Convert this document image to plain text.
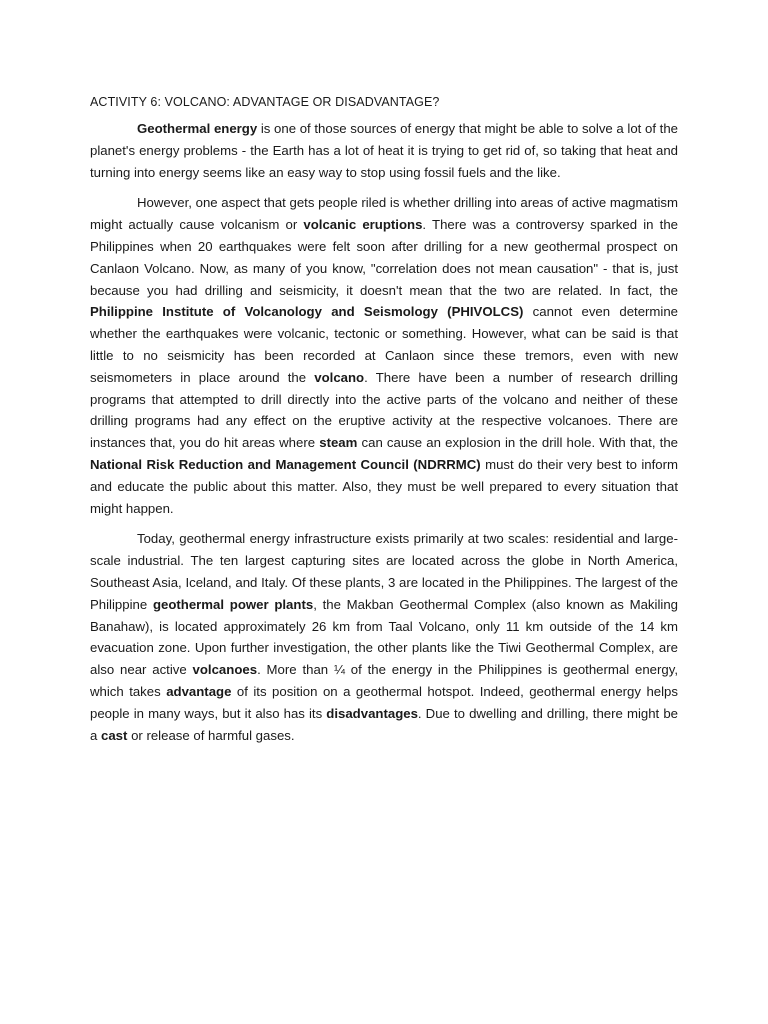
ACTIVITY 6: VOLCANO: ADVANTAGE OR DISADVANTAGE?

Geothermal energy is one of those sources of energy that might be able to solve a lot of the planet's energy problems - the Earth has a lot of heat it is trying to get rid of, so taking that heat and turning into energy seems like an easy way to stop using fossil fuels and the like.

However, one aspect that gets people riled is whether drilling into areas of active magmatism might actually cause volcanism or volcanic eruptions. There was a controversy sparked in the Philippines when 20 earthquakes were felt soon after drilling for a new geothermal prospect on Canlaon Volcano. Now, as many of you know, "correlation does not mean causation" - that is, just because you had drilling and seismicity, it doesn't mean that the two are related. In fact, the Philippine Institute of Volcanology and Seismology (PHIVOLCS) cannot even determine whether the earthquakes were volcanic, tectonic or something. However, what can be said is that little to no seismicity has been recorded at Canlaon since these tremors, even with new seismometers in place around the volcano. There have been a number of research drilling programs that attempted to drill directly into the active parts of the volcano and neither of these drilling programs had any effect on the eruptive activity at the respective volcanoes. There are instances that, you do hit areas where steam can cause an explosion in the drill hole. With that, the National Risk Reduction and Management Council (NDRRMC) must do their very best to inform and educate the public about this matter. Also, they must be well prepared to every situation that might happen.

Today, geothermal energy infrastructure exists primarily at two scales: residential and large-scale industrial. The ten largest capturing sites are located across the globe in North America, Southeast Asia, Iceland, and Italy. Of these plants, 3 are located in the Philippines. The largest of the Philippine geothermal power plants, the Makban Geothermal Complex (also known as Makiling Banahaw), is located approximately 26 km from Taal Volcano, only 11 km outside of the 14 km evacuation zone. Upon further investigation, the other plants like the Tiwi Geothermal Complex, are also near active volcanoes. More than ¼ of the energy in the Philippines is geothermal energy, which takes advantage of its position on a geothermal hotspot. Indeed, geothermal energy helps people in many ways, but it also has its disadvantages. Due to dwelling and drilling, there might be a cast or release of harmful gases.
